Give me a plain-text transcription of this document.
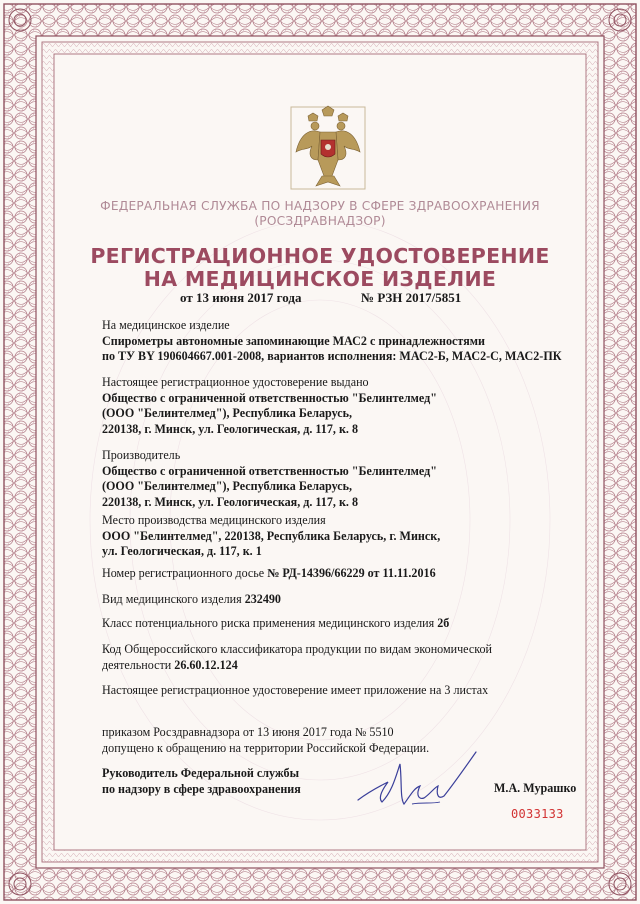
ФЕДЕРАЛЬНАЯ СЛУЖБА ПО НАДЗОРУ В СФЕРЕ ЗДРАВООХРАНЕНИЯ
(РОСЗДРАВНАДЗОР)
РЕГИСТРАЦИОННОЕ УДОСТОВЕРЕНИЕ
НА МЕДИЦИНСКОЕ ИЗДЕЛИЕ
от 13 июня 2017 года	№ РЗН 2017/5851
На медицинское изделие
Спирометры автономные запоминающие МАС2 с принадлежностями
по ТУ BY 190604667.001-2008, вариантов исполнения: МАС2-Б, МАС2-С, МАС2-ПК
Настоящее регистрационное удостоверение выдано
Общество с ограниченной ответственностью "Белинтелмед"
(ООО "Белинтелмед"), Республика Беларусь,
220138, г. Минск, ул. Геологическая, д. 117, к. 8
Производитель
Общество с ограниченной ответственностью "Белинтелмед"
(ООО "Белинтелмед"), Республика Беларусь,
220138, г. Минск, ул. Геологическая, д. 117, к. 8
Место производства медицинского изделия
ООО "Белинтелмед", 220138, Республика Беларусь, г. Минск,
ул. Геологическая, д. 117, к. 1
Номер регистрационного досье № РД-14396/66229 от 11.11.2016
Вид медицинского изделия 232490
Класс потенциального риска применения медицинского изделия 2б
Код Общероссийского классификатора продукции по видам экономической
деятельности 26.60.12.124
Настоящее регистрационное удостоверение имеет приложение на 3 листах
приказом Росздравнадзора от 13 июня 2017 года № 5510
допущено к обращению на территории Российской Федерации.
Руководитель Федеральной службы
по надзору в сфере здравоохранения	М.А. Мурашко
0033133
